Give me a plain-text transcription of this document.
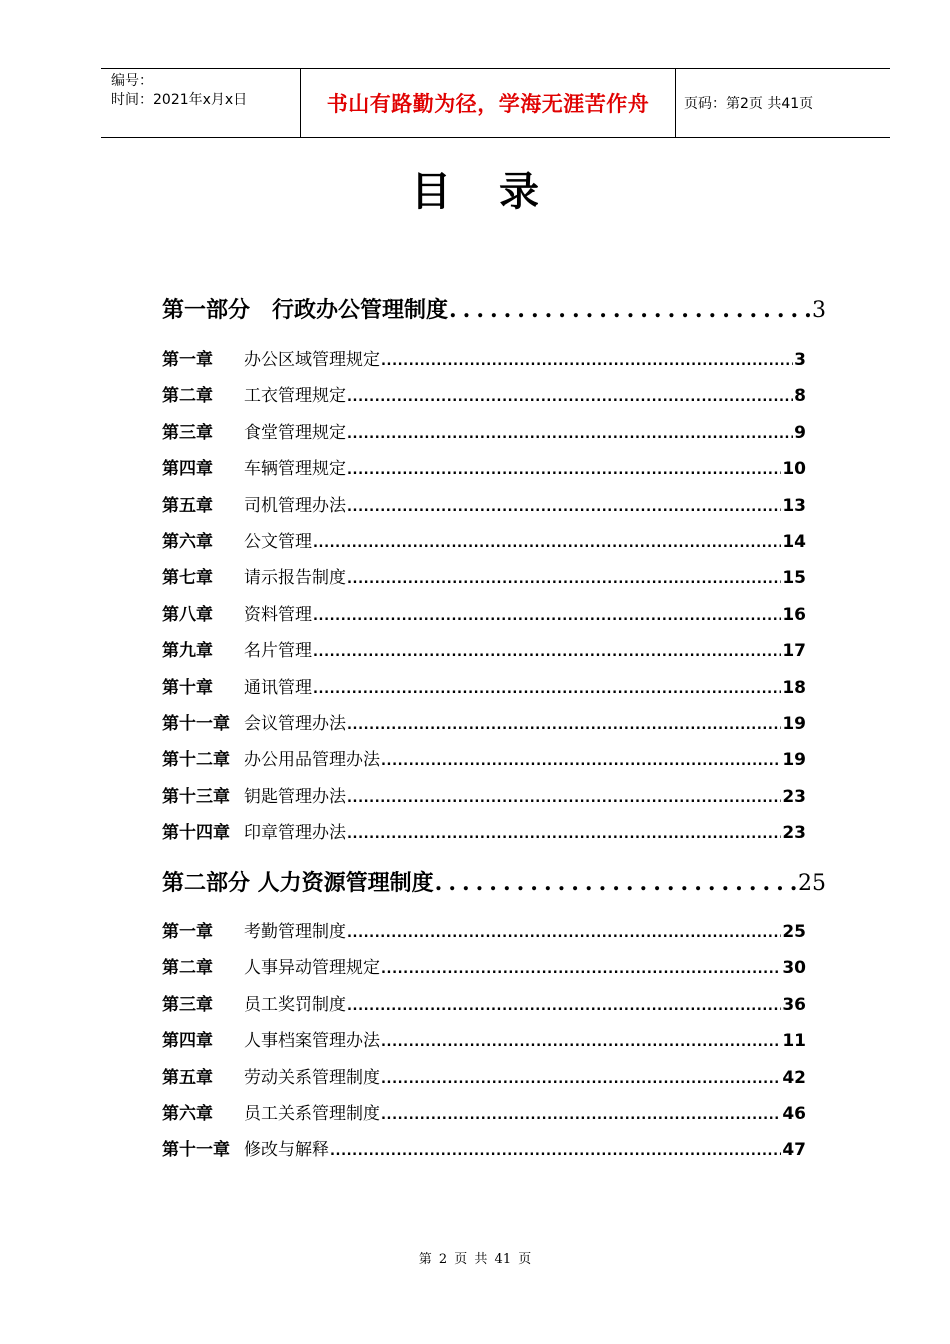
编号：
时间：2021年x月x日	书山有路勤为径，学海无涯苦作舟	页码：第2页 共41页
目录
第一部分　行政办公管理制度 .....	3
第一章	办公区域管理规定 .....	3
第二章	工衣管理规定 .....	8
第三章	食堂管理规定 .....	9
第四章	车辆管理规定 .....	10
第五章	司机管理办法 .....	13
第六章	公文管理 .....	14
第七章	请示报告制度 .....	15
第八章	资料管理 .....	16
第九章	名片管理 .....	17
第十章	通讯管理 .....	18
第十一章 会议管理办法 .....	19
第十二章 办公用品管理办法 .....	19
第十三章 钥匙管理办法 .....	23
第十四章 印章管理办法 .....	23
第二部分 人力资源管理制度 .....	25
第一章	考勤管理制度 .....	25
第二章	人事异动管理规定 .....	30
第三章	员工奖罚制度 .....	36
第四章	人事档案管理办法 .....	11
第五章	劳动关系管理制度 .....	42
第六章	员工关系管理制度 .....	46
第十一章 修改与解释 .....	47
第 2 页 共 41 页
